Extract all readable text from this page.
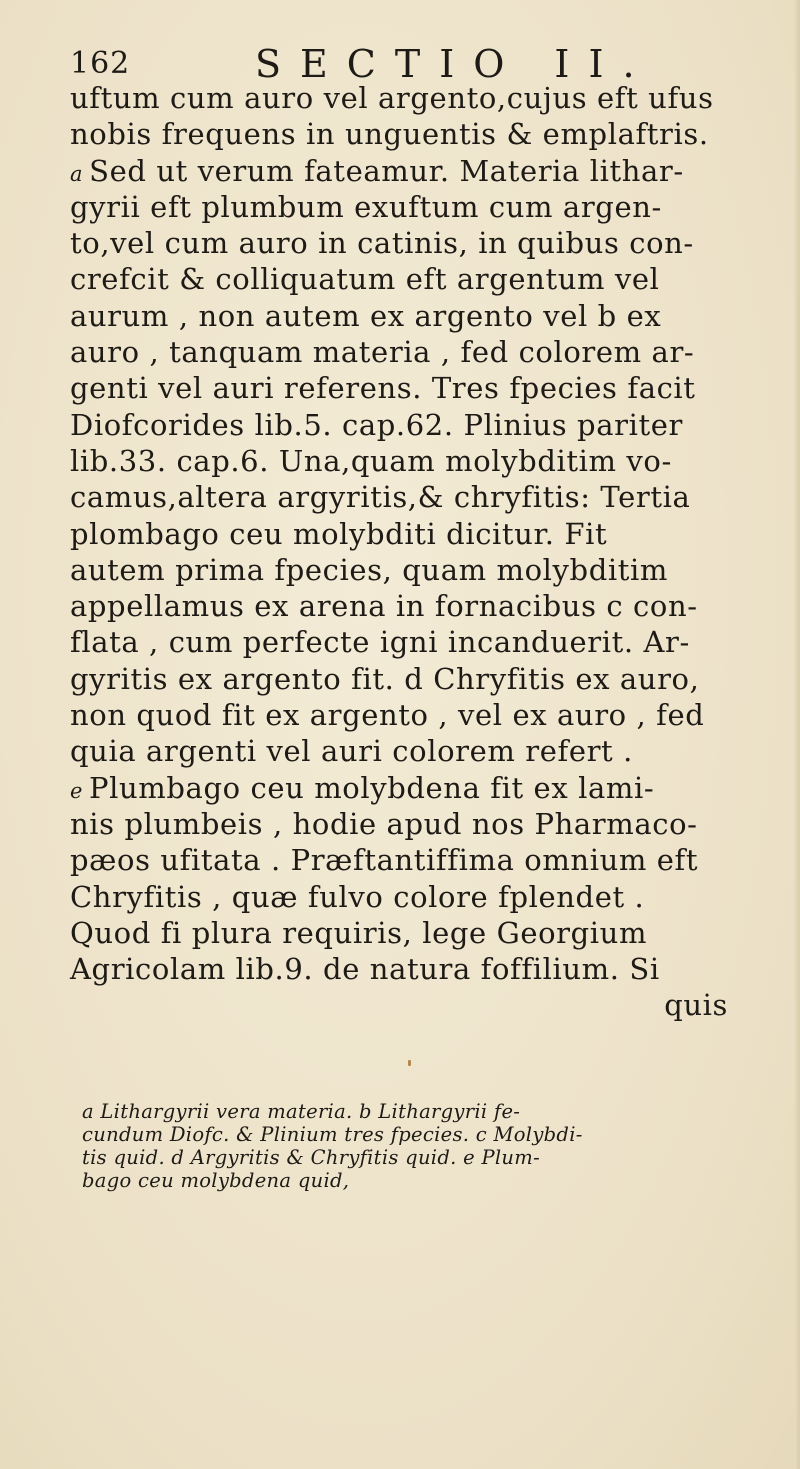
162	SECTIO II.
uftum cum auro vel argento,cujus eft ufus
nobis frequens in unguentis & emplaftris.
a Sed ut verum fateamur. Materia lithar-
gyrii eft plumbum exuftum cum argen-
to,vel cum auro in catinis, in quibus con-
crefcit & colliquatum eft argentum vel
aurum , non autem ex argento vel b ex
auro , tanquam materia , fed colorem ar-
genti vel auri referens. Tres fpecies facit
Diofcorides lib.5. cap.62. Plinius pariter
lib.33. cap.6. Una,quam molybditim vo-
camus,altera argyritis,& chryfitis: Tertia
plombago ceu molybditi dicitur. Fit
autem prima fpecies, quam molybditim
appellamus ex arena in fornacibus c con-
flata , cum perfecte igni incanduerit. Ar-
gyritis ex argento fit. d Chryfitis ex auro,
non quod fit ex argento , vel ex auro , fed
quia argenti vel auri colorem refert .
e Plumbago ceu molybdena fit ex lami-
nis plumbeis , hodie apud nos Pharmaco-
pæos ufitata . Præftantiffima omnium eft
Chryfitis , quæ fulvo colore fplendet .
Quod fi plura requiris, lege Georgium
Agricolam lib.9. de natura foffilium. Si
quis
a Lithargyrii vera materia. b Lithargyrii fe-
cundum Diofc. & Plinium tres fpecies. c Molybdi-
tis quid. d Argyritis & Chryfitis quid. e Plum-
bago ceu molybdena quid,
